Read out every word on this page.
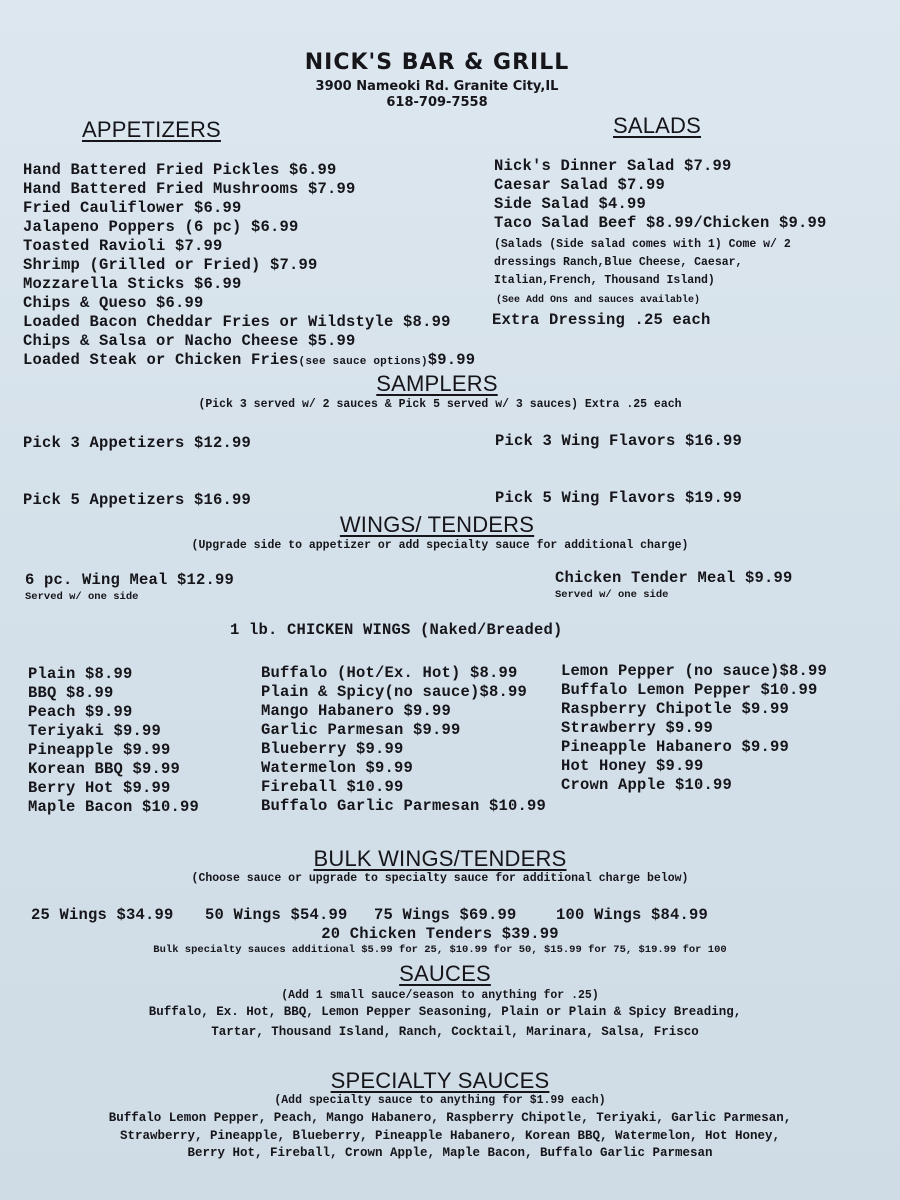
NICK'S BAR & GRILL
3900 Nameoki Rd. Granite City,IL
618-709-7558
APPETIZERS
Hand Battered Fried Pickles $6.99
Hand Battered Fried Mushrooms $7.99
Fried Cauliflower $6.99
Jalapeno Poppers (6 pc) $6.99
Toasted Ravioli $7.99
Shrimp (Grilled or Fried) $7.99
Mozzarella Sticks $6.99
Chips & Queso $6.99
Loaded Bacon Cheddar Fries or Wildstyle $8.99
Chips & Salsa or Nacho Cheese $5.99
Loaded Steak or Chicken Fries(see sauce options)$9.99
SALADS
Nick's Dinner Salad $7.99
Caesar Salad $7.99
Side Salad $4.99
Taco Salad Beef $8.99/Chicken $9.99
(Salads (Side salad comes with 1) Come w/ 2
dressings Ranch,Blue Cheese, Caesar,
Italian,French, Thousand Island)
(See Add Ons and sauces available)
Extra Dressing .25 each
SAMPLERS
(Pick 3 served w/ 2 sauces & Pick 5 served w/ 3 sauces) Extra .25 each
Pick 3 Appetizers $12.99	Pick 3 Wing Flavors $16.99
Pick 5 Appetizers $16.99	Pick 5 Wing Flavors $19.99
WINGS/ TENDERS
(Upgrade side to appetizer or add specialty sauce for additional charge)
6 pc. Wing Meal $12.99
Served w/ one side
Chicken Tender Meal $9.99
Served w/ one side
1 lb. CHICKEN WINGS (Naked/Breaded)
Plain $8.99
BBQ $8.99
Peach $9.99
Teriyaki $9.99
Pineapple $9.99
Korean BBQ $9.99
Berry Hot $9.99
Maple Bacon $10.99
Buffalo (Hot/Ex. Hot) $8.99
Plain & Spicy(no sauce)$8.99
Mango Habanero $9.99
Garlic Parmesan $9.99
Blueberry $9.99
Watermelon $9.99
Fireball $10.99
Buffalo Garlic Parmesan $10.99
Lemon Pepper (no sauce)$8.99
Buffalo Lemon Pepper $10.99
Raspberry Chipotle $9.99
Strawberry $9.99
Pineapple Habanero $9.99
Hot Honey $9.99
Crown Apple $10.99
BULK WINGS/TENDERS
(Choose sauce or upgrade to specialty sauce for additional charge below)
25 Wings $34.99 50 Wings $54.99 75 Wings $69.99	100 Wings $84.99
20 Chicken Tenders $39.99
Bulk specialty sauces additional $5.99 for 25, $10.99 for 50, $15.99 for 75, $19.99 for 100
SAUCES
(Add 1 small sauce/season to anything for .25)
Buffalo, Ex. Hot, BBQ, Lemon Pepper Seasoning, Plain or Plain & Spicy Breading,
Tartar, Thousand Island, Ranch, Cocktail, Marinara, Salsa, Frisco
SPECIALTY SAUCES
(Add specialty sauce to anything for $1.99 each)
Buffalo Lemon Pepper, Peach, Mango Habanero, Raspberry Chipotle, Teriyaki, Garlic Parmesan,
Strawberry, Pineapple, Blueberry, Pineapple Habanero, Korean BBQ, Watermelon, Hot Honey,
Berry Hot, Fireball, Crown Apple, Maple Bacon, Buffalo Garlic Parmesan
